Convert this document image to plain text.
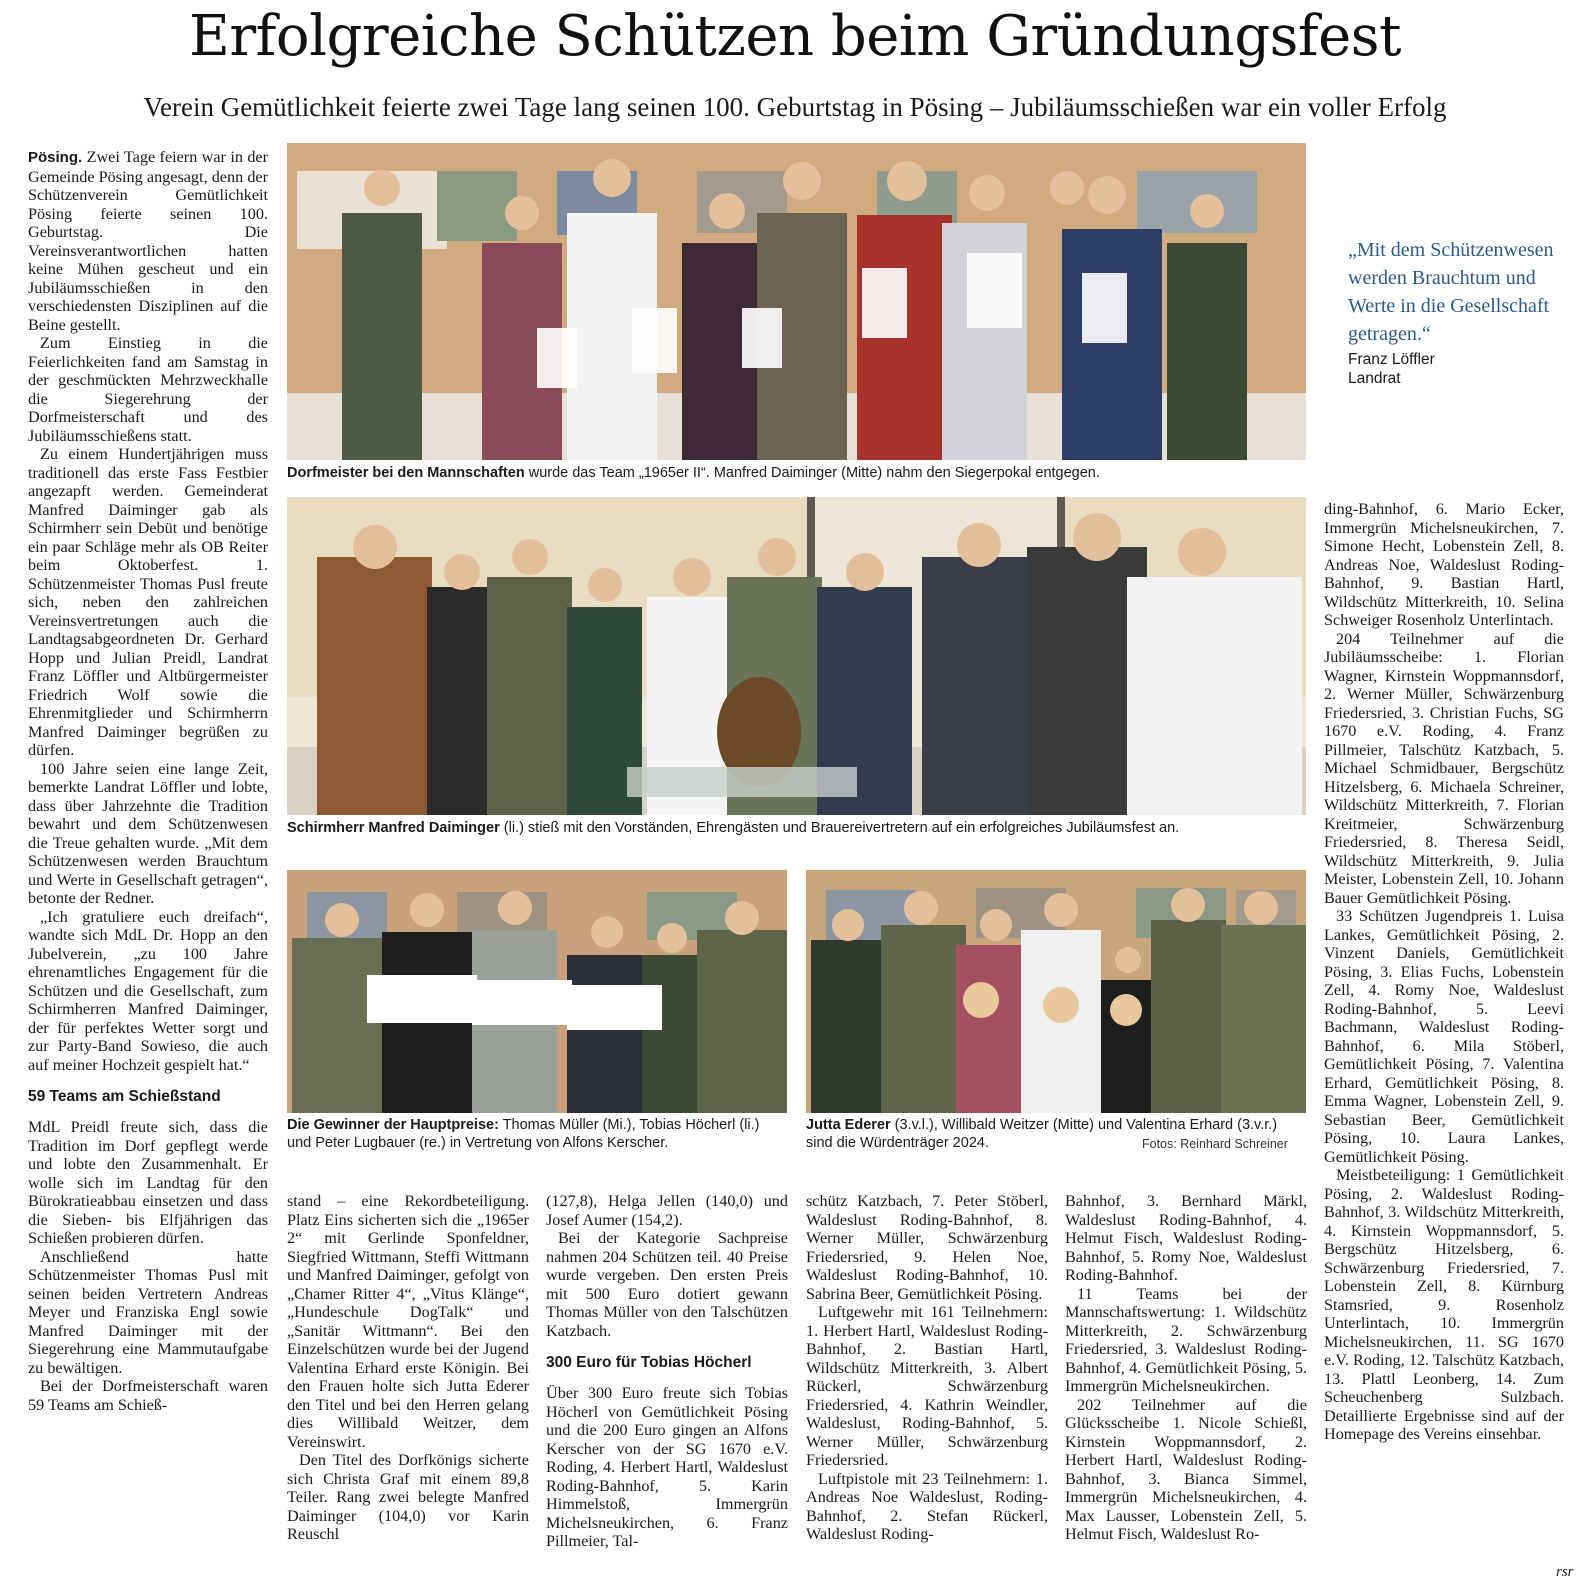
Erfolgreiche Schützen beim Gründungsfest
Verein Gemütlichkeit feierte zwei Tage lang seinen 100. Geburtstag in Pösing – Jubiläumsschießen war ein voller Erfolg

Pösing. Zwei Tage feiern war in der Gemeinde Pösing angesagt, denn der Schützenverein Gemütlichkeit Pösing feierte seinen 100. Geburtstag. Die Vereinsverantwortlichen hatten keine Mühen gescheut und ein Jubiläumsschießen in den verschiedensten Disziplinen auf die Beine gestellt.

Zum Einstieg in die Feierlichkeiten fand am Samstag in der geschmückten Mehrzweckhalle die Siegerehrung der Dorfmeisterschaft und des Jubiläumsschießens statt.

Zu einem Hundertjährigen muss traditionell das erste Fass Festbier angezapft werden. Gemeinderat Manfred Daiminger gab als Schirmherr sein Debüt und benötige ein paar Schläge mehr als OB Reiter beim Oktoberfest. 1. Schützenmeister Thomas Pusl freute sich, neben den zahlreichen Vereinsvertretungen auch die Landtagsabgeordneten Dr. Gerhard Hopp und Julian Preidl, Landrat Franz Löffler und Altbürgermeister Friedrich Wolf sowie die Ehrenmitglieder und Schirmherrn Manfred Daiminger begrüßen zu dürfen.

100 Jahre seien eine lange Zeit, bemerkte Landrat Löffler und lobte, dass über Jahrzehnte die Tradition bewahrt und dem Schützenwesen die Treue gehalten wurde. „Mit dem Schützenwesen werden Brauchtum und Werte in Gesellschaft getragen“, betonte der Redner.

„Ich gratuliere euch dreifach“, wandte sich MdL Dr. Hopp an den Jubelverein, „zu 100 Jahre ehrenamtliches Engagement für die Schützen und die Gesellschaft, zum Schirmherren Manfred Daiminger, der für perfektes Wetter sorgt und zur Party-Band Sowieso, die auch auf meiner Hochzeit gespielt hat.“

59 Teams am Schießstand

MdL Preidl freute sich, dass die Tradition im Dorf gepflegt werde und lobte den Zusammenhalt. Er wolle sich im Landtag für den Bürokratieabbau einsetzen und dass die Sieben- bis Elfjährigen das Schießen probieren dürfen.

Anschließend hatte Schützenmeister Thomas Pusl mit seinen beiden Vertretern Andreas Meyer und Franziska Engl sowie Manfred Daiminger mit der Siegerehrung eine Mammutaufgabe zu bewältigen.

Bei der Dorfmeisterschaft waren 59 Teams am Schieß-

Dorfmeister bei den Mannschaften wurde das Team „1965er II“. Manfred Daiminger (Mitte) nahm den Siegerpokal entgegen.
„Mit dem Schützenwesen werden Brauchtum und Werte in die Gesellschaft getragen.“
Franz Löffler
Landrat
Schirmherr Manfred Daiminger (li.) stieß mit den Vorständen, Ehrengästen und Brauereivertretern auf ein erfolgreiches Jubiläumsfest an.
Die Gewinner der Hauptpreise: Thomas Müller (Mi.), Tobias Höcherl (li.) und Peter Lugbauer (re.) in Vertretung von Alfons Kerscher.
Jutta Ederer (3.v.l.), Willibald Weitzer (Mitte) und Valentina Erhard (3.v.r.) sind die Würdenträger 2024.	Fotos: Reinhard Schreiner

stand – eine Rekordbeteiligung. Platz Eins sicherten sich die „1965er 2“ mit Gerlinde Sponfeldner, Siegfried Wittmann, Steffi Wittmann und Manfred Daiminger, gefolgt von „Chamer Ritter 4“, „Vitus Klänge“, „Hundeschule DogTalk“ und „Sanitär Wittmann“. Bei den Einzelschützen wurde bei der Jugend Valentina Erhard erste Königin. Bei den Frauen holte sich Jutta Ederer den Titel und bei den Herren gelang dies Willibald Weitzer, dem Vereinswirt.

Den Titel des Dorfkönigs sicherte sich Christa Graf mit einem 89,8 Teiler. Rang zwei belegte Manfred Daiminger (104,0) vor Karin Reuschl

(127,8), Helga Jellen (140,0) und Josef Aumer (154,2).

Bei der Kategorie Sachpreise nahmen 204 Schützen teil. 40 Preise wurde vergeben. Den ersten Preis mit 500 Euro dotiert gewann Thomas Müller von den Talschützen Katzbach.

300 Euro für Tobias Höcherl

Über 300 Euro freute sich Tobias Höcherl von Gemütlichkeit Pösing und die 200 Euro gingen an Alfons Kerscher von der SG 1670 e.V. Roding, 4. Herbert Hartl, Waldeslust Roding-Bahnhof, 5. Karin Himmelstoß, Immergrün Michelsneukirchen, 6. Franz Pillmeier, Tal-

schütz Katzbach, 7. Peter Stöberl, Waldeslust Roding-Bahnhof, 8. Werner Müller, Schwärzenburg Friedersried, 9. Helen Noe, Waldeslust Roding-Bahnhof, 10. Sabrina Beer, Gemütlichkeit Pösing.

Luftgewehr mit 161 Teilnehmern: 1. Herbert Hartl, Waldeslust Roding-Bahnhof, 2. Bastian Hartl, Wildschütz Mitterkreith, 3. Albert Rückerl, Schwärzenburg Friedersried, 4. Kathrin Weindler, Waldeslust, Roding-Bahnhof, 5. Werner Müller, Schwärzenburg Friedersried.

Luftpistole mit 23 Teilnehmern: 1. Andreas Noe Waldeslust, Roding-Bahnhof, 2. Stefan Rückerl, Waldeslust Roding-

Bahnhof, 3. Bernhard Märkl, Waldeslust Roding-Bahnhof, 4. Helmut Fisch, Waldeslust Roding-Bahnhof, 5. Romy Noe, Waldeslust Roding-Bahnhof.

11 Teams bei der Mannschaftswertung: 1. Wildschütz Mitterkreith, 2. Schwärzenburg Friedersried, 3. Waldeslust Roding-Bahnhof, 4. Gemütlichkeit Pösing, 5. Immergrün Michelsneukirchen.

202 Teilnehmer auf die Glücksscheibe 1. Nicole Schießl, Kirnstein Woppmannsdorf, 2. Herbert Hartl, Waldeslust Roding-Bahnhof, 3. Bianca Simmel, Immergrün Michelsneukirchen, 4. Max Lausser, Lobenstein Zell, 5. Helmut Fisch, Waldeslust Ro-

ding-Bahnhof, 6. Mario Ecker, Immergrün Michelsneukirchen, 7. Simone Hecht, Lobenstein Zell, 8. Andreas Noe, Waldeslust Roding-Bahnhof, 9. Bastian Hartl, Wildschütz Mitterkreith, 10. Selina Schweiger Rosenholz Unterlintach.

204 Teilnehmer auf die Jubiläumsscheibe: 1. Florian Wagner, Kirnstein Woppmannsdorf, 2. Werner Müller, Schwärzenburg Friedersried, 3. Christian Fuchs, SG 1670 e.V. Roding, 4. Franz Pillmeier, Talschütz Katzbach, 5. Michael Schmidbauer, Bergschütz Hitzelsberg, 6. Michaela Schreiner, Wildschütz Mitterkreith, 7. Florian Kreitmeier, Schwärzenburg Friedersried, 8. Theresa Seidl, Wildschütz Mitterkreith, 9. Julia Meister, Lobenstein Zell, 10. Johann Bauer Gemütlichkeit Pösing.

33 Schützen Jugendpreis 1. Luisa Lankes, Gemütlichkeit Pösing, 2. Vinzent Daniels, Gemütlichkeit Pösing, 3. Elias Fuchs, Lobenstein Zell, 4. Romy Noe, Waldeslust Roding-Bahnhof, 5. Leevi Bachmann, Waldeslust Roding-Bahnhof, 6. Mila Stöberl, Gemütlichkeit Pösing, 7. Valentina Erhard, Gemütlichkeit Pösing, 8. Emma Wagner, Lobenstein Zell, 9. Sebastian Beer, Gemütlichkeit Pösing, 10. Laura Lankes, Gemütlichkeit Pösing.

Meistbeteiligung: 1 Gemütlichkeit Pösing, 2. Waldeslust Roding-Bahnhof, 3. Wildschütz Mitterkreith, 4. Kirnstein Woppmannsdorf, 5. Bergschütz Hitzelsberg, 6. Schwärzenburg Friedersried, 7. Lobenstein Zell, 8. Kürnburg Stamsried, 9. Rosenholz Unterlintach, 10. Immergrün Michelsneukirchen, 11. SG 1670 e.V. Roding, 12. Talschütz Katzbach, 13. Plattl Leonberg, 14. Zum Scheuchenberg Sulzbach. Detaillierte Ergebnisse sind auf der Homepage des Vereins einsehbar.

rsr
